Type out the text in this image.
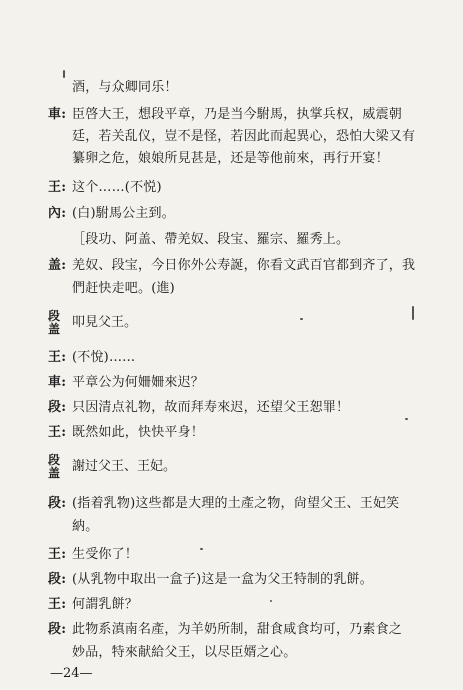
酒，与众卿同乐！
車: 臣啓大王，想段平章，乃是当今駙馬，执掌兵权，威震朝
廷，若关乱仪，豈不是怪，若因此而起異心，恐怕大梁又有
纂卵之危，娘娘所見甚是，还是等他前來，再行开宴！
王: 这个……(不悦)
內: (白)駙馬公主到。
［段功、阿盖、帶羌奴、段宝、羅宗、羅秀上。
盖: 羌奴、段宝，今日你外公寿誕，你看文武百官都到齐了，我
們赶快走吧。(進)
段
盖 叩見父王。
王: (不悅)……
車: 平章公为何姍姍來迟？
段: 只因清点礼物，故而拜寿來迟，还望父王恕罪！
王: 既然如此，快快平身！
段
盖 謝过父王、王妃。
段: (指着乳物)这些都是大理的土產之物，尙望父王、王妃笑
納。
王: 生受你了！
段: (从乳物中取出一盒子)这是一盒为父王特制的乳餅。
王: 何謂乳餅？
段: 此物系滇南名產，为羊奶所制，甜食咸食均可，乃素食之
妙品，特來献給父王，以尽臣婿之心。
—24—
